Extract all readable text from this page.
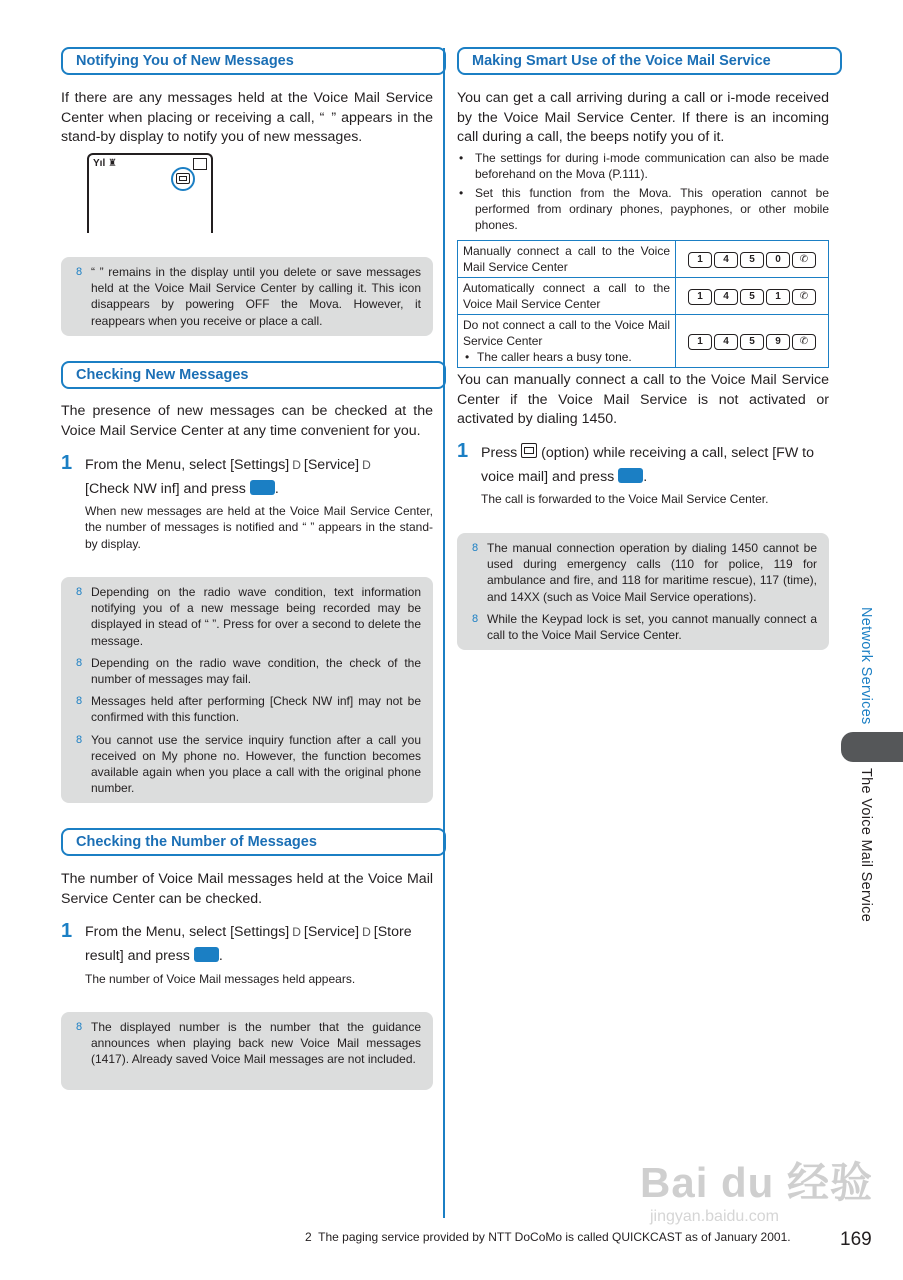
Notifying You of New Messages
If there are any messages held at the Voice Mail Service Center when placing or receiving a call, “ ” appears in the stand-by display to notify you of new messages.
Yıl ♜
8 “ ” remains in the display until you delete or save messages held at the Voice Mail Service Center by calling it. This icon disappears by powering OFF the Mova. However, it reappears when you receive or place a call.
Checking New Messages
The presence of new messages can be checked at the Voice Mail Service Center at any time convenient for you.
1 From the Menu, select [Settings] D [Service] D
[Check NW inf] and press .
When new messages are held at the Voice Mail Service Center, the number of messages is notified and “ ” appears in the stand-by display.
8 Depending on the radio wave condition, text information notifying you of a new message being recorded may be displayed in stead of “ ”. Press for over a second to delete the message.
8 Depending on the radio wave condition, the check of the number of messages may fail.
8 Messages held after performing [Check NW inf] may not be confirmed with this function.
8 You cannot use the service inquiry function after a call you received on My phone no. However, the function becomes available again when you place a call with the original phone number.
Checking the Number of Messages
The number of Voice Mail messages held at the Voice Mail Service Center can be checked.
1 From the Menu, select [Settings] D [Service] D [Store result] and press .
The number of Voice Mail messages held appears.
8 The displayed number is the number that the guidance announces when playing back new Voice Mail messages (1417). Already saved Voice Mail messages are not included.
Making Smart Use of the Voice Mail Service
You can get a call arriving during a call or i-mode received by the Voice Mail Service Center. If there is an incoming call during a call, the beeps notify you of it.
• The settings for during i-mode communication can also be made beforehand on the Mova (P.111).
• Set this function from the Mova. This operation cannot be performed from ordinary phones, payphones, or other mobile phones.
Manually connect a call to the Voice Mail Service Center	1 4 5 0 ✆
Automatically connect a call to the Voice Mail Service Center	1 4 5 1 ✆
Do not connect a call to the Voice Mail Service Center
• The caller hears a busy tone.	1 4 5 9 ✆
You can manually connect a call to the Voice Mail Service Center if the Voice Mail Service is not activated or activated by dialing 1450.
1 Press (option) while receiving a call, select [FW to voice mail] and press .
The call is forwarded to the Voice Mail Service Center.
8 The manual connection operation by dialing 1450 cannot be used during emergency calls (110 for police, 119 for ambulance and fire, and 118 for maritime rescue), 117 (time), and 14XX (such as Voice Mail Service operations).
8 While the Keypad lock is set, you cannot manually connect a call to the Voice Mail Service Center.	Network Services
The Voice Mail Service
Bai du 经验
jingyan.baidu.com
2 The paging service provided by NTT DoCoMo is called QUICKCAST as of January 2001.	169
